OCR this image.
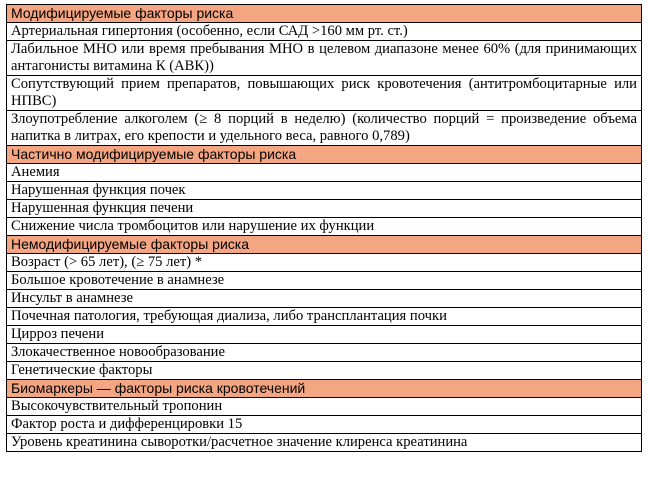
Модифицируемые факторы риска
Артериальная гипертония (особенно, если САД >160 мм рт. ст.)
Лабильное МНО или время пребывания МНО в целевом диапазоне менее 60% (для принимающих антагонисты витамина К (АВК))
Сопутствующий прием препаратов, повышающих риск кровотечения (антитромбоцитарные или НПВС)
Злоупотребление алкоголем (≥ 8 порций в неделю) (количество порций = произведение объема напитка в литрах, его крепости и удельного веса, равного 0,789)
Частично модифицируемые факторы риска
Анемия
Нарушенная функция почек
Нарушенная функция печени
Снижение числа тромбоцитов или нарушение их функции
Немодифицируемые факторы риска
Возраст (> 65 лет), (≥ 75 лет) *
Большое кровотечение в анамнезе
Инсульт в анамнезе
Почечная патология, требующая диализа, либо трансплантация почки
Цирроз печени
Злокачественное новообразование
Генетические факторы
Биомаркеры — факторы риска кровотечений
Высокочувствительный тропонин
Фактор роста и дифференцировки 15
Уровень креатинина сыворотки/расчетное значение клиренса креатинина
